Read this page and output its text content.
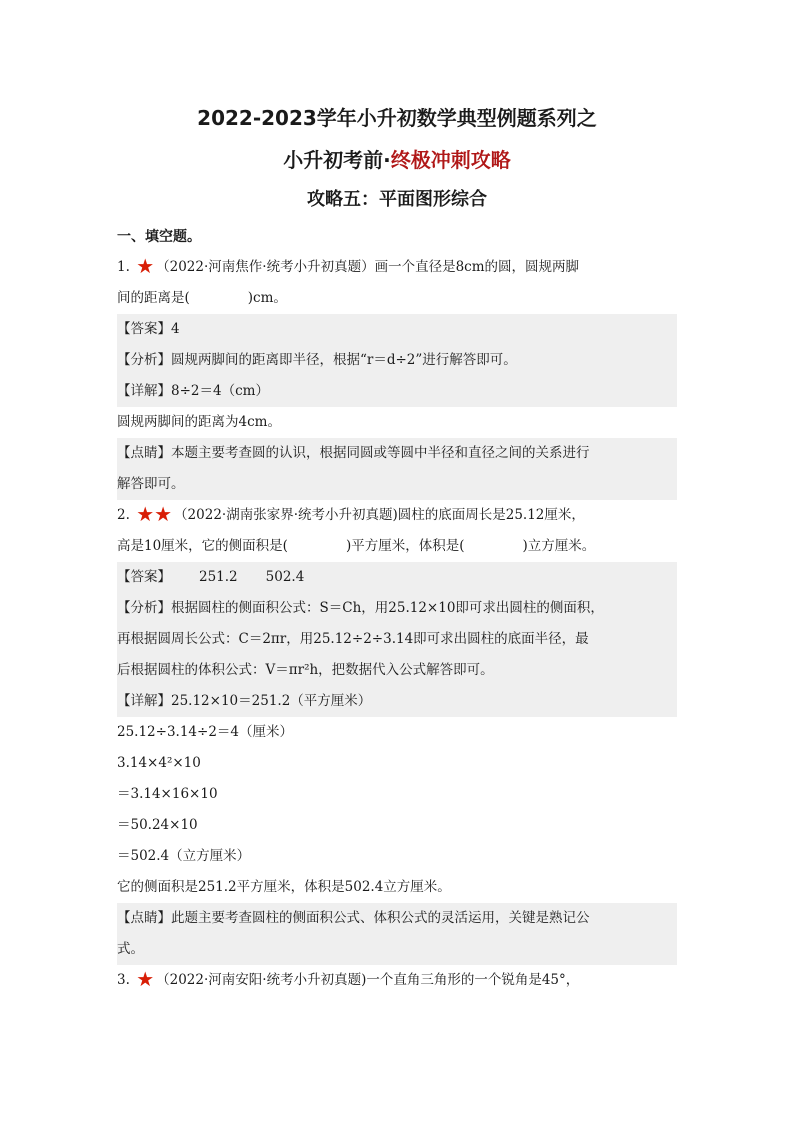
2022-2023学年小升初数学典型例题系列之
小升初考前·终极冲刺攻略
攻略五：平面图形综合
一、填空题。
1. ★ （2022·河南焦作·统考小升初真题）画一个直径是8cm的圆，圆规两脚
间的距离是(	)cm。
【答案】4
【分析】圆规两脚间的距离即半径，根据“r＝d÷2”进行解答即可。
【详解】8÷2＝4（cm）
圆规两脚间的距离为4cm。
【点睛】本题主要考查圆的认识，根据同圆或等圆中半径和直径之间的关系进行
解答即可。
2. ★★ （2022·湖南张家界·统考小升初真题)圆柱的底面周长是25.12厘米，
高是10厘米，它的侧面积是(	)平方厘米，体积是(	)立方厘米。
【答案】 251.2 502.4
【分析】根据圆柱的侧面积公式：S＝Ch，用25.12×10即可求出圆柱的侧面积，
再根据圆周长公式：C＝2πr，用25.12÷2÷3.14即可求出圆柱的底面半径，最
后根据圆柱的体积公式：V＝πr²h，把数据代入公式解答即可。
【详解】25.12×10＝251.2（平方厘米）
25.12÷3.14÷2＝4（厘米）
3.14×4²×10
＝3.14×16×10
＝50.24×10
＝502.4（立方厘米）
它的侧面积是251.2平方厘米，体积是502.4立方厘米。
【点睛】此题主要考查圆柱的侧面积公式、体积公式的灵活运用，关键是熟记公
式。
3. ★ （2022·河南安阳·统考小升初真题)一个直角三角形的一个锐角是45°，
